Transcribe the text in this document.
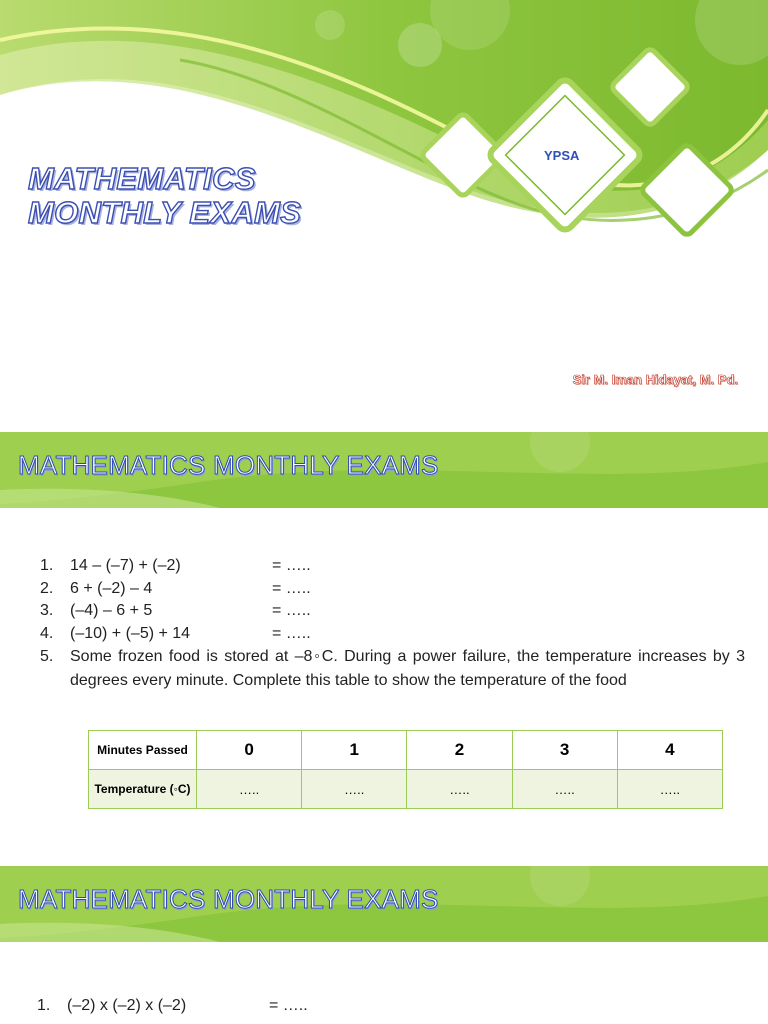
YPSA
MATHEMATICS
MONTHLY EXAMS
Sir M. Iman Hidayat, M. Pd.
MATHEMATICS MONTHLY EXAMS
1. 14 – (–7) + (–2)	= …..
2. 6 + (–2) – 4	= …..
3. (–4) – 6 + 5	= …..
4. (–10) + (–5) + 14	= …..
5. Some frozen food is stored at –8◦C. During a power failure, the temperature increases by 3 degrees every minute. Complete this table to show the temperature of the food
Minutes Passed	0	1	2	3	4
Temperature (◦C)	…..	…..	…..	…..	…..
MATHEMATICS MONTHLY EXAMS
1. (–2) x (–2) x (–2)	= …..
